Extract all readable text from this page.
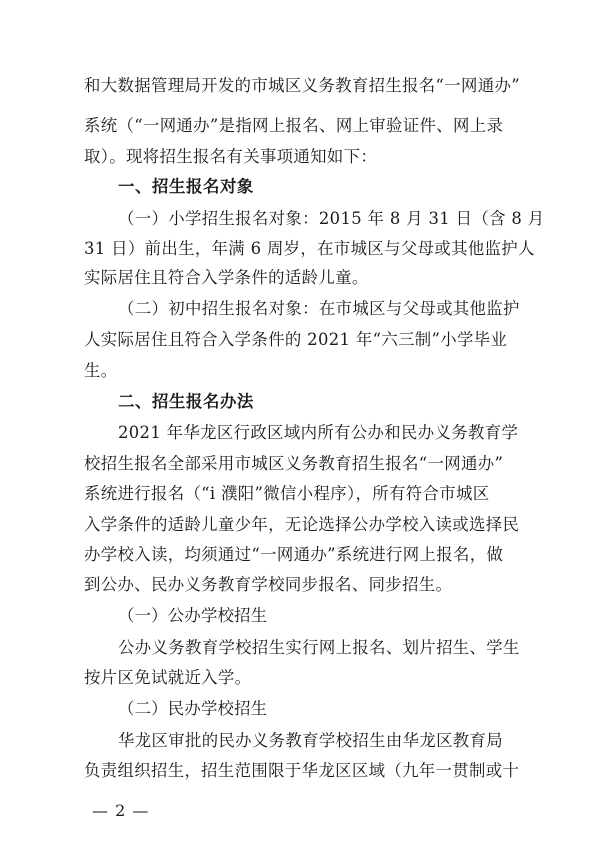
和大数据管理局开发的市城区义务教育招生报名“一网通办”
系统（“一网通办”是指网上报名、网上审验证件、网上录
取）。现将招生报名有关事项通知如下：
一、招生报名对象
（一）小学招生报名对象：2015 年 8 月 31 日（含 8 月
31 日）前出生，年满 6 周岁，在市城区与父母或其他监护人
实际居住且符合入学条件的适龄儿童。
（二）初中招生报名对象：在市城区与父母或其他监护
人实际居住且符合入学条件的 2021 年“六三制”小学毕业
生。
二、招生报名办法
2021 年华龙区行政区域内所有公办和民办义务教育学
校招生报名全部采用市城区义务教育招生报名“一网通办”
系统进行报名（“i 濮阳”微信小程序），所有符合市城区
入学条件的适龄儿童少年，无论选择公办学校入读或选择民
办学校入读，均须通过“一网通办”系统进行网上报名，做
到公办、民办义务教育学校同步报名、同步招生。
（一）公办学校招生
公办义务教育学校招生实行网上报名、划片招生、学生
按片区免试就近入学。
（二）民办学校招生
华龙区审批的民办义务教育学校招生由华龙区教育局
负责组织招生，招生范围限于华龙区区域（九年一贯制或十
— 2 —
